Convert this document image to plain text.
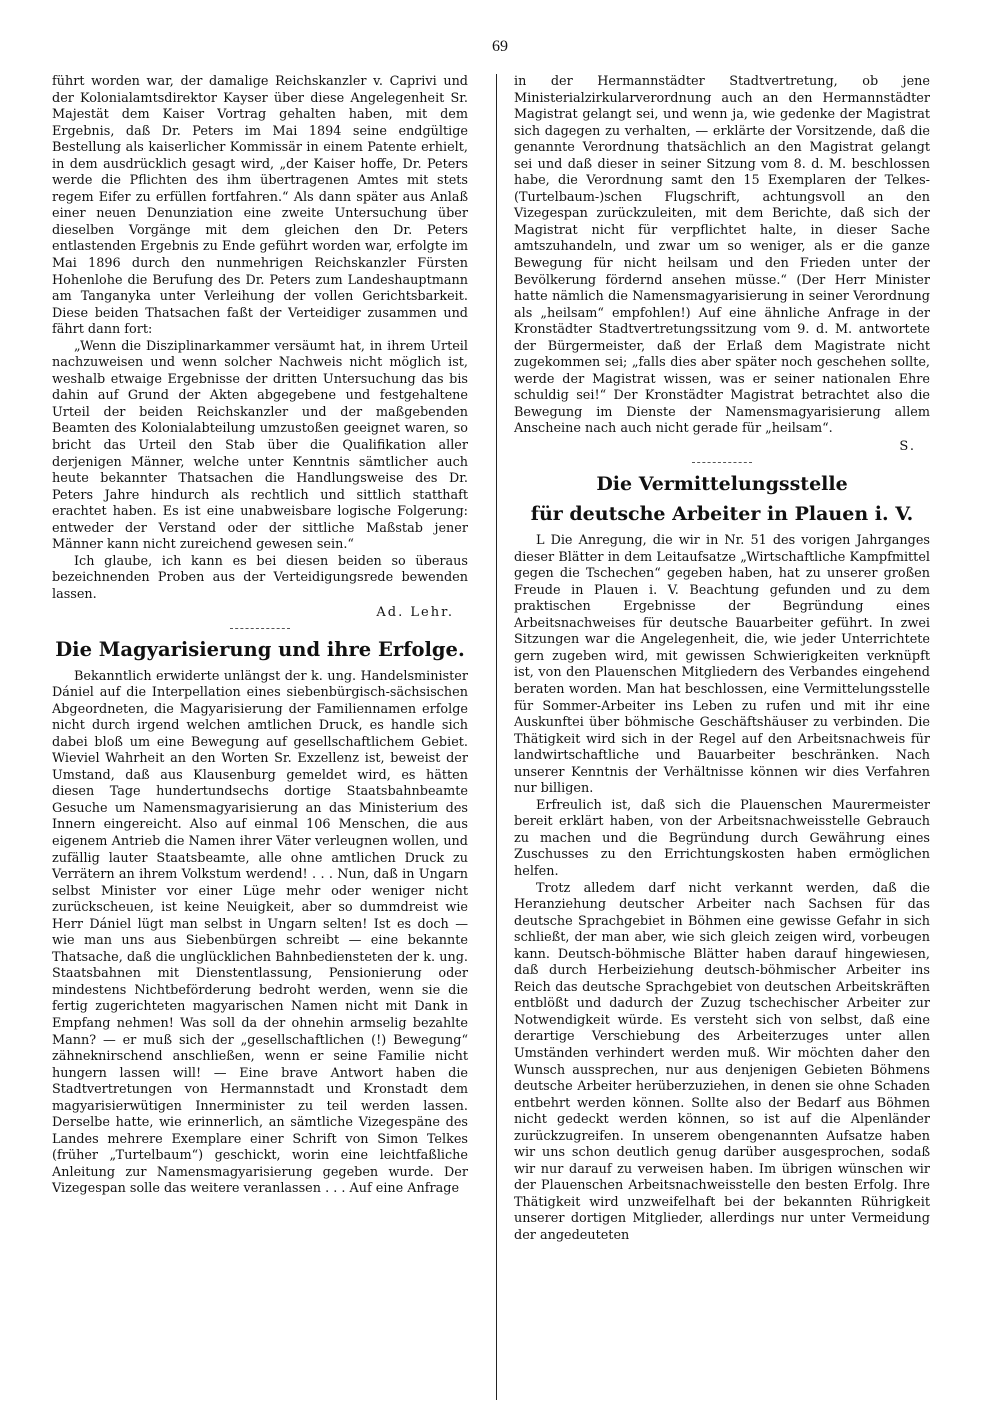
69

führt worden war, der damalige Reichskanzler v. Caprivi und der Kolonialamtsdirektor Kayser über diese Angelegenheit Sr. Majestät dem Kaiser Vortrag gehalten haben, mit dem Ergebnis, daß Dr. Peters im Mai 1894 seine endgültige Bestellung als kaiserlicher Kommissär in einem Patente erhielt, in dem ausdrücklich gesagt wird, „der Kaiser hoffe, Dr. Peters werde die Pflichten des ihm übertragenen Amtes mit stets regem Eifer zu erfüllen fortfahren.“ Als dann später aus Anlaß einer neuen Denunziation eine zweite Untersuchung über dieselben Vorgänge mit dem gleichen den Dr. Peters entlastenden Ergebnis zu Ende geführt worden war, erfolgte im Mai 1896 durch den nunmehrigen Reichskanzler Fürsten Hohenlohe die Berufung des Dr. Peters zum Landeshauptmann am Tanganyka unter Verleihung der vollen Gerichtsbarkeit. Diese beiden Thatsachen faßt der Verteidiger zusammen und fährt dann fort:

„Wenn die Disziplinarkammer versäumt hat, in ihrem Urteil nachzuweisen und wenn solcher Nachweis nicht möglich ist, weshalb etwaige Ergebnisse der dritten Untersuchung das bis dahin auf Grund der Akten abgegebene und festgehaltene Urteil der beiden Reichskanzler und der maßgebenden Beamten des Kolonialabteilung umzustoßen geeignet waren, so bricht das Urteil den Stab über die Qualifikation aller derjenigen Männer, welche unter Kenntnis sämtlicher auch heute bekannter Thatsachen die Handlungsweise des Dr. Peters Jahre hindurch als rechtlich und sittlich statthaft erachtet haben. Es ist eine unabweisbare logische Folgerung: entweder der Verstand oder der sittliche Maßstab jener Männer kann nicht zureichend gewesen sein.“

Ich glaube, ich kann es bei diesen beiden so überaus bezeichnenden Proben aus der Verteidigungsrede bewenden lassen.

Ad. Lehr.

Die Magyarisierung und ihre Erfolge.

Bekanntlich erwiderte unlängst der k. ung. Handelsminister Dániel auf die Interpellation eines siebenbürgisch-sächsischen Abgeordneten, die Magyarisierung der Familiennamen erfolge nicht durch irgend welchen amtlichen Druck, es handle sich dabei bloß um eine Bewegung auf gesellschaftlichem Gebiet. Wieviel Wahrheit an den Worten Sr. Exzellenz ist, beweist der Umstand, daß aus Klausenburg gemeldet wird, es hätten diesen Tage hundertundsechs dortige Staatsbahnbeamte Gesuche um Namensmagyarisierung an das Ministerium des Innern eingereicht. Also auf einmal 106 Menschen, die aus eigenem Antrieb die Namen ihrer Väter verleugnen wollen, und zufällig lauter Staatsbeamte, alle ohne amtlichen Druck zu Verrätern an ihrem Volkstum werdend! . . . Nun, daß in Ungarn selbst Minister vor einer Lüge mehr oder weniger nicht zurückscheuen, ist keine Neuigkeit, aber so dummdreist wie Herr Dániel lügt man selbst in Ungarn selten! Ist es doch — wie man uns aus Siebenbürgen schreibt — eine bekannte Thatsache, daß die unglücklichen Bahnbediensteten der k. ung. Staatsbahnen mit Dienstentlassung, Pensionierung oder mindestens Nichtbeförderung bedroht werden, wenn sie die fertig zugerichteten magyarischen Namen nicht mit Dank in Empfang nehmen! Was soll da der ohnehin armselig bezahlte Mann? — er muß sich der „gesellschaftlichen (!) Bewegung“ zähneknirschend anschließen, wenn er seine Familie nicht hungern lassen will! — Eine brave Antwort haben die Stadtvertretungen von Hermannstadt und Kronstadt dem magyarisierwütigen Innerminister zu teil werden lassen. Derselbe hatte, wie erinnerlich, an sämtliche Vizegespäne des Landes mehrere Exemplare einer Schrift von Simon Telkes (früher „Turtelbaum“) geschickt, worin eine leichtfaßliche Anleitung zur Namensmagyarisierung gegeben wurde. Der Vizegespan solle das weitere veranlassen . . . Auf eine Anfrage

in der Hermannstädter Stadtvertretung, ob jene Ministerialzirkularverordnung auch an den Hermannstädter Magistrat gelangt sei, und wenn ja, wie gedenke der Magistrat sich dagegen zu verhalten, — erklärte der Vorsitzende, daß die genannte Verordnung thatsächlich an den Magistrat gelangt sei und daß dieser in seiner Sitzung vom 8. d. M. beschlossen habe, die Verordnung samt den 15 Exemplaren der Telkes- (Turtelbaum-)schen Flugschrift, achtungsvoll an den Vizegespan zurückzuleiten, mit dem Berichte, daß sich der Magistrat nicht für verpflichtet halte, in dieser Sache amtszuhandeln, und zwar um so weniger, als er die ganze Bewegung für nicht heilsam und den Frieden unter der Bevölkerung fördernd ansehen müsse.“ (Der Herr Minister hatte nämlich die Namensmagyarisierung in seiner Verordnung als „heilsam“ empfohlen!) Auf eine ähnliche Anfrage in der Kronstädter Stadtvertretungssitzung vom 9. d. M. antwortete der Bürgermeister, daß der Erlaß dem Magistrate nicht zugekommen sei; „falls dies aber später noch geschehen sollte, werde der Magistrat wissen, was er seiner nationalen Ehre schuldig sei!“ Der Kronstädter Magistrat betrachtet also die Bewegung im Dienste der Namensmagyarisierung allem Anscheine nach auch nicht gerade für „heilsam“.

S.

Die Vermittelungsstelle
für deutsche Arbeiter in Plauen i. V.

L Die Anregung, die wir in Nr. 51 des vorigen Jahrganges dieser Blätter in dem Leitaufsatze „Wirtschaftliche Kampfmittel gegen die Tschechen“ gegeben haben, hat zu unserer großen Freude in Plauen i. V. Beachtung gefunden und zu dem praktischen Ergebnisse der Begründung eines Arbeitsnachweises für deutsche Bauarbeiter geführt. In zwei Sitzungen war die Angelegenheit, die, wie jeder Unterrichtete gern zugeben wird, mit gewissen Schwierigkeiten verknüpft ist, von den Plauenschen Mitgliedern des Verbandes eingehend beraten worden. Man hat beschlossen, eine Vermittelungsstelle für Sommer-Arbeiter ins Leben zu rufen und mit ihr eine Auskunftei über böhmische Geschäftshäuser zu verbinden. Die Thätigkeit wird sich in der Regel auf den Arbeitsnachweis für landwirtschaftliche und Bauarbeiter beschränken. Nach unserer Kenntnis der Verhältnisse können wir dies Verfahren nur billigen.

Erfreulich ist, daß sich die Plauenschen Maurermeister bereit erklärt haben, von der Arbeitsnachweisstelle Gebrauch zu machen und die Begründung durch Gewährung eines Zuschusses zu den Errichtungskosten haben ermöglichen helfen.

Trotz alledem darf nicht verkannt werden, daß die Heranziehung deutscher Arbeiter nach Sachsen für das deutsche Sprachgebiet in Böhmen eine gewisse Gefahr in sich schließt, der man aber, wie sich gleich zeigen wird, vorbeugen kann. Deutsch-böhmische Blätter haben darauf hingewiesen, daß durch Herbeiziehung deutsch-böhmischer Arbeiter ins Reich das deutsche Sprachgebiet von deutschen Arbeitskräften entblößt und dadurch der Zuzug tschechischer Arbeiter zur Notwendigkeit würde. Es versteht sich von selbst, daß eine derartige Verschiebung des Arbeiterzuges unter allen Umständen verhindert werden muß. Wir möchten daher den Wunsch aussprechen, nur aus denjenigen Gebieten Böhmens deutsche Arbeiter herüberzuziehen, in denen sie ohne Schaden entbehrt werden können. Sollte also der Bedarf aus Böhmen nicht gedeckt werden können, so ist auf die Alpenländer zurückzugreifen. In unserem obengenannten Aufsatze haben wir uns schon deutlich genug darüber ausgesprochen, sodaß wir nur darauf zu verweisen haben. Im übrigen wünschen wir der Plauenschen Arbeitsnachweisstelle den besten Erfolg. Ihre Thätigkeit wird unzweifelhaft bei der bekannten Rührigkeit unserer dortigen Mitglieder, allerdings nur unter Vermeidung der angedeuteten
